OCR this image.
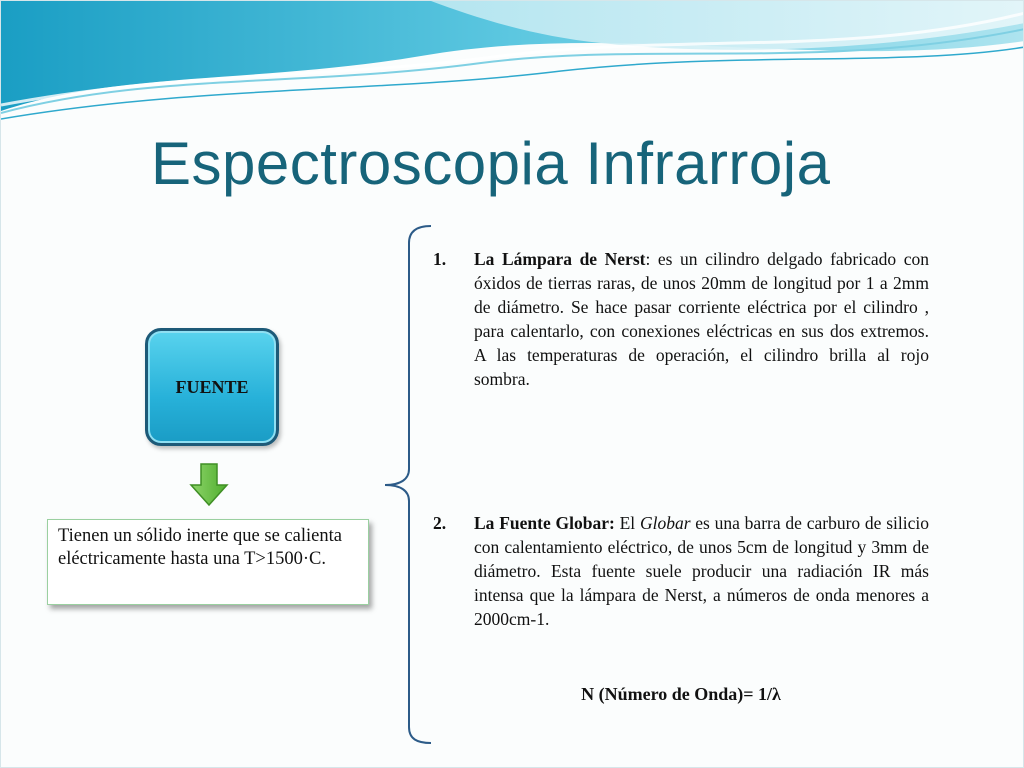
Espectroscopia Infrarroja
FUENTE
Tienen un sólido inerte que se calienta eléctricamente hasta una T>1500·C.
1. La Lámpara de Nerst: es un cilindro delgado fabricado con óxidos de tierras raras, de unos 20mm de longitud por 1 a 2mm de diámetro. Se hace pasar corriente eléctrica por el cilindro , para calentarlo, con conexiones eléctricas en sus dos extremos. A las temperaturas de operación, el cilindro brilla al rojo sombra.
2. La Fuente Globar: El Globar es una barra de carburo de silicio con calentamiento eléctrico, de unos 5cm de longitud y 3mm de diámetro. Esta fuente suele producir una radiación IR más intensa que la lámpara de Nerst, a números de onda menores a 2000cm-1.
N (Número de Onda)= 1/λ
